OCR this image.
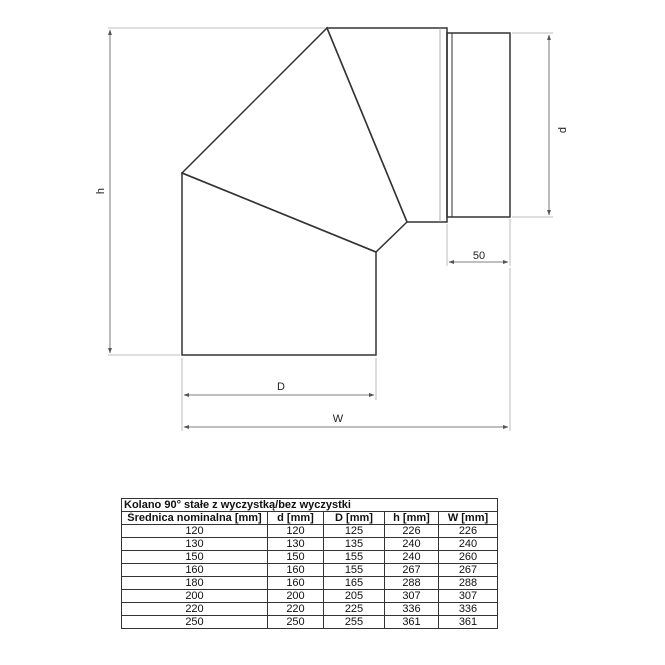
h
d
50
D
W
Kolano 90° stałe z wyczystką/bez wyczystki				
Średnica nominalna [mm]	d [mm]	D [mm]	h [mm]	W [mm]
120	120	125	226	226
130	130	135	240	240
150	150	155	240	260
160	160	155	267	267
180	160	165	288	288
200	200	205	307	307
220	220	225	336	336
250	250	255	361	361
